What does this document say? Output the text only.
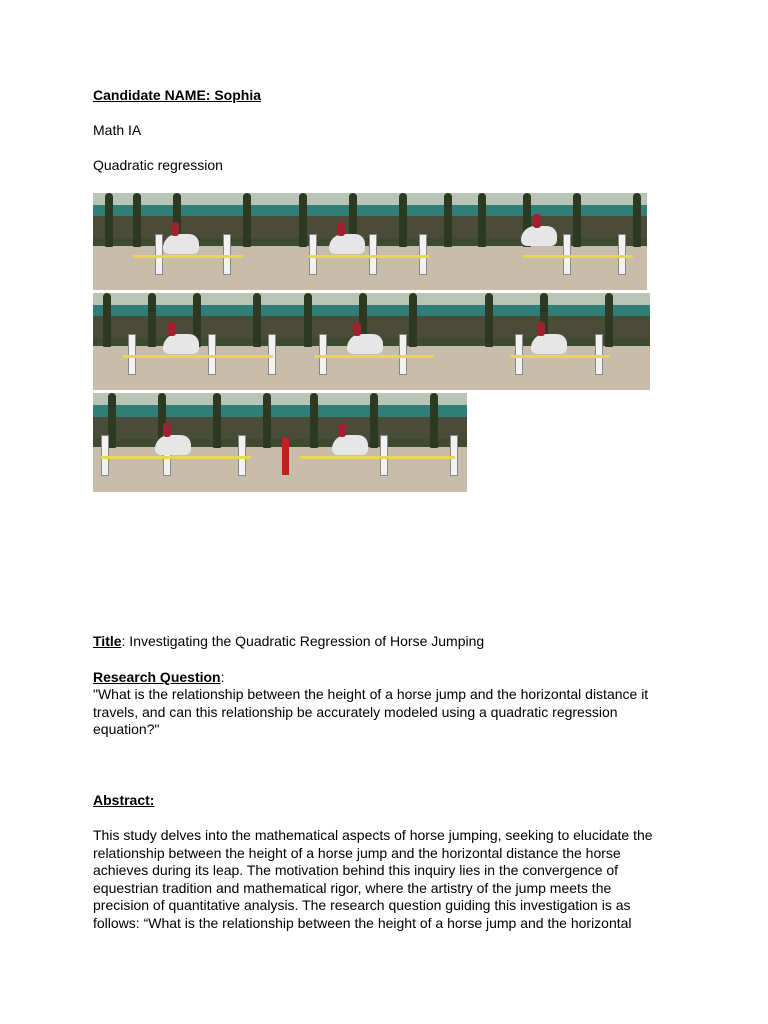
Candidate NAME: Sophia
Math IA
Quadratic regression
Title: Investigating the Quadratic Regression of Horse Jumping
Research Question:
"What is the relationship between the height of a horse jump and the horizontal distance it travels, and can this relationship be accurately modeled using a quadratic regression equation?"
Abstract:
This study delves into the mathematical aspects of horse jumping, seeking to elucidate the relationship between the height of a horse jump and the horizontal distance the horse achieves during its leap. The motivation behind this inquiry lies in the convergence of equestrian tradition and mathematical rigor, where the artistry of the jump meets the precision of quantitative analysis. The research question guiding this investigation is as follows: “What is the relationship between the height of a horse jump and the horizontal
